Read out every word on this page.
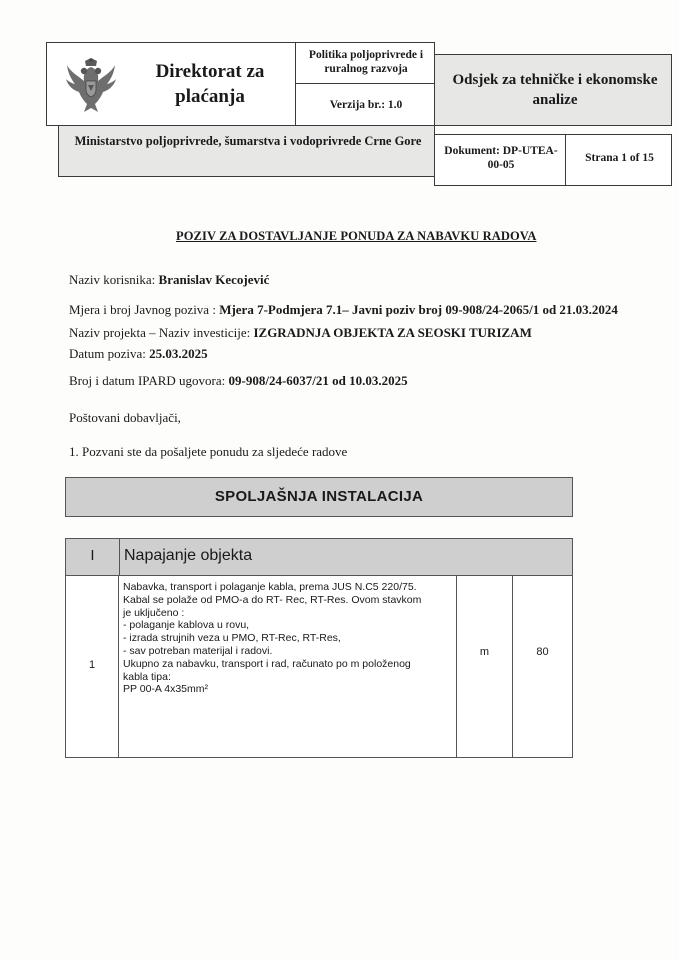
Direktorat za plaćanja
Politika poljoprivrede i ruralnog razvoja
Verzija br.: 1.0
Odsjek za tehničke i ekonomske analize
Ministarstvo poljoprivrede, šumarstva i vodoprivrede Crne Gore
Dokument: DP-UTEA-00-05
Strana 1 of 15
POZIV ZA DOSTAVLJANJE PONUDA ZA NABAVKU RADOVA
Naziv korisnika: Branislav Kecojević
Mjera i broj Javnog poziva : Mjera 7-Podmjera 7.1– Javni poziv broj 09-908/24-2065/1 od 21.03.2024
Naziv projekta – Naziv investicije: IZGRADNJA OBJEKTA ZA SEOSKI TURIZAM
Datum poziva: 25.03.2025
Broj i datum IPARD ugovora: 09-908/24-6037/21 od 10.03.2025
Poštovani dobavljači,
1. Pozvani ste da pošaljete ponudu za sljedeće radove
SPOLJAŠNJA INSTALACIJA
I	Napajanje objekta
1
Nabavka, transport i polaganje kabla, prema JUS N.C5 220/75.
Kabal se polaže od PMO-a do RT- Rec, RT-Res. Ovom stavkom
je uključeno :
- polaganje kablova u rovu,
- izrada strujnih veza u PMO, RT-Rec, RT-Res,
- sav potreban materijal i radovi.
Ukupno za nabavku, transport i rad, računato po m položenog
kabla tipa:
PP 00-A 4x35mm²
m	80
